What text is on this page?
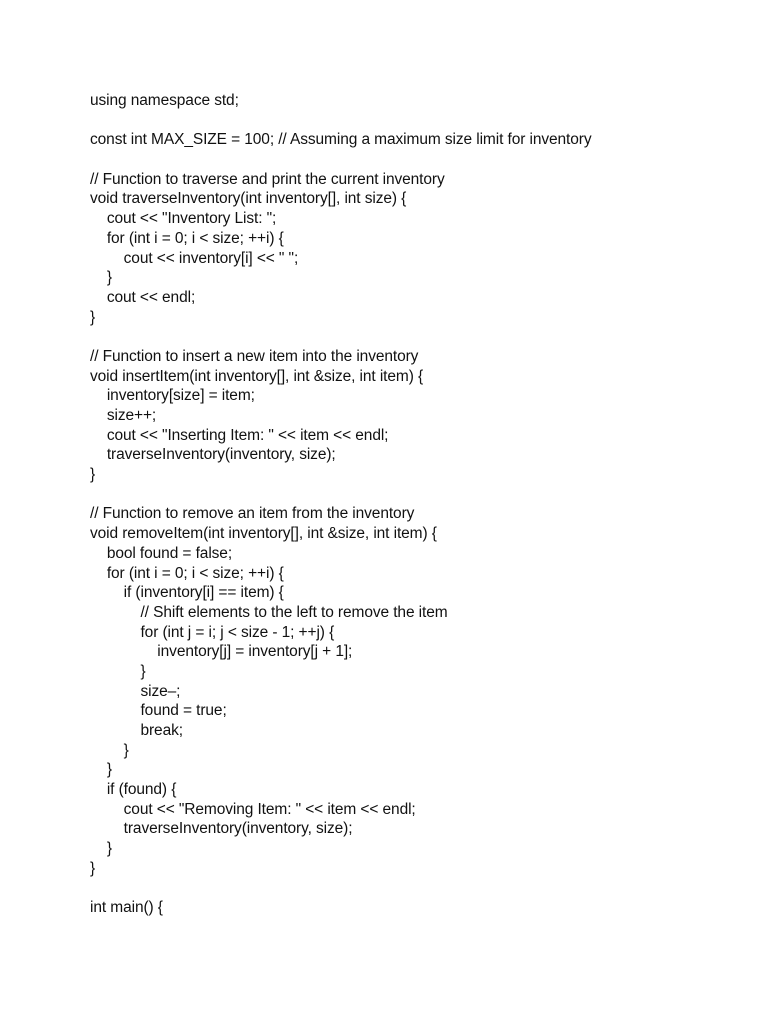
using namespace std;
const int MAX_SIZE = 100; // Assuming a maximum size limit for inventory
// Function to traverse and print the current inventory
void traverseInventory(int inventory[], int size) {
cout << "Inventory List: ";
for (int i = 0; i < size; ++i) {
cout << inventory[i] << " ";
}
cout << endl;
}
// Function to insert a new item into the inventory
void insertItem(int inventory[], int &size, int item) {
inventory[size] = item;
size++;
cout << "Inserting Item: " << item << endl;
traverseInventory(inventory, size);
}
// Function to remove an item from the inventory
void removeItem(int inventory[], int &size, int item) {
bool found = false;
for (int i = 0; i < size; ++i) {
if (inventory[i] == item) {
// Shift elements to the left to remove the item
for (int j = i; j < size - 1; ++j) {
inventory[j] = inventory[j + 1];
}
size–;
found = true;
break;
}
}
if (found) {
cout << "Removing Item: " << item << endl;
traverseInventory(inventory, size);
}
}
int main() {
